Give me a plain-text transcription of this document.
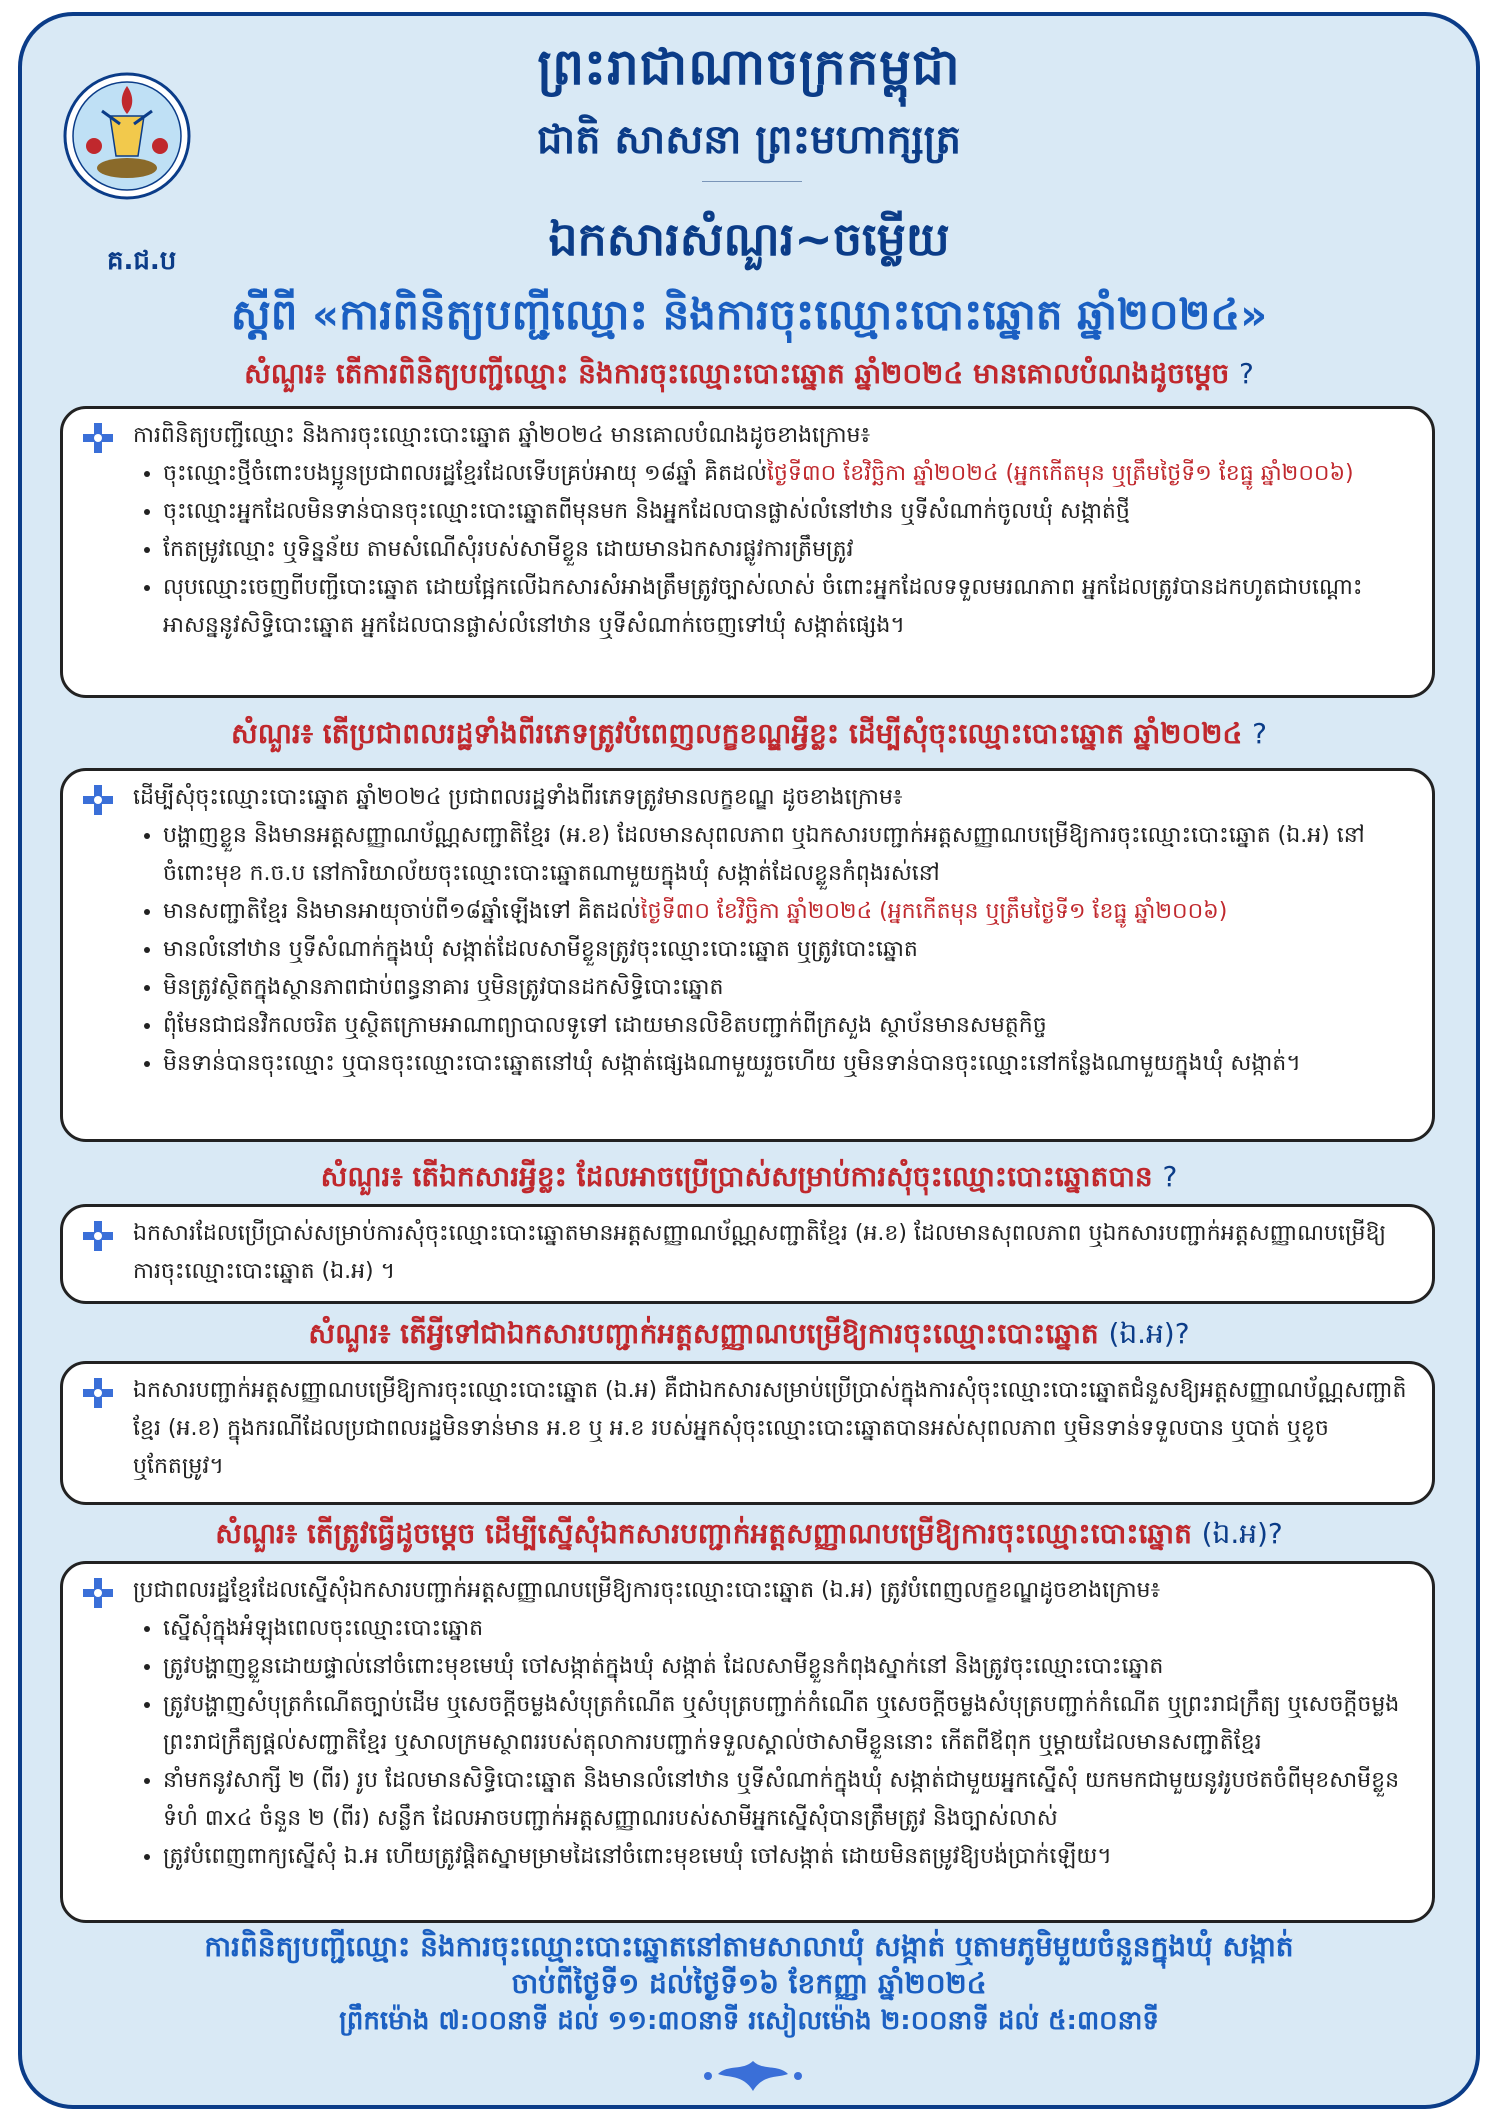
គ.ជ.ប
ព្រះរាជាណាចក្រកម្ពុជា
ជាតិ សាសនា ព្រះមហាក្សត្រ
ឯកសារសំណួរ~ចម្លើយ
ស្តីពី «ការពិនិត្យបញ្ជីឈ្មោះ និងការចុះឈ្មោះបោះឆ្នោត ឆ្នាំ២០២៤»
សំណួរ៖ តើការពិនិត្យបញ្ជីឈ្មោះ និងការចុះឈ្មោះបោះឆ្នោត ឆ្នាំ២០២៤ មានគោលបំណងដូចម្តេច ?
ការពិនិត្យបញ្ជីឈ្មោះ និងការចុះឈ្មោះបោះឆ្នោត ឆ្នាំ២០២៤ មានគោលបំណងដូចខាងក្រោម៖
• ចុះឈ្មោះថ្មីចំពោះបងប្អូនប្រជាពលរដ្ឋខ្មែរដែលទើបគ្រប់អាយុ ១៨ឆ្នាំ គិតដល់ថ្ងៃទី៣០ ខែវិច្ឆិកា ឆ្នាំ២០២៤ (អ្នកកើតមុន ឬត្រឹមថ្ងៃទី១ ខែធ្នូ ឆ្នាំ២០០៦)
• ចុះឈ្មោះអ្នកដែលមិនទាន់បានចុះឈ្មោះបោះឆ្នោតពីមុនមក និងអ្នកដែលបានផ្លាស់លំនៅឋាន ឬទីសំណាក់ចូលឃុំ សង្កាត់ថ្មី
• កែតម្រូវឈ្មោះ ឬទិន្នន័យ តាមសំណើសុំរបស់សាមីខ្លួន ដោយមានឯកសារផ្លូវការត្រឹមត្រូវ
• លុបឈ្មោះចេញពីបញ្ជីបោះឆ្នោត ដោយផ្អែកលើឯកសារសំអាងត្រឹមត្រូវច្បាស់លាស់ ចំពោះអ្នកដែលទទួលមរណភាព អ្នកដែលត្រូវបានដកហូតជាបណ្តោះអាសន្ននូវសិទ្ធិបោះឆ្នោត អ្នកដែលបានផ្លាស់លំនៅឋាន ឬទីសំណាក់ចេញទៅឃុំ សង្កាត់ផ្សេង។
សំណួរ៖ តើប្រជាពលរដ្ឋទាំងពីរភេទត្រូវបំពេញលក្ខខណ្ឌអ្វីខ្លះ ដើម្បីសុំចុះឈ្មោះបោះឆ្នោត ឆ្នាំ២០២៤ ?
ដើម្បីសុំចុះឈ្មោះបោះឆ្នោត ឆ្នាំ២០២៤ ប្រជាពលរដ្ឋទាំងពីរភេទត្រូវមានលក្ខខណ្ឌ ដូចខាងក្រោម៖
• បង្ហាញខ្លួន និងមានអត្តសញ្ញាណប័ណ្ណសញ្ជាតិខ្មែរ (អ.ខ) ដែលមានសុពលភាព ឬឯកសារបញ្ជាក់អត្តសញ្ញាណបម្រើឱ្យការចុះឈ្មោះបោះឆ្នោត (ឯ.អ) នៅចំពោះមុខ ក.ច.ប នៅការិយាល័យចុះឈ្មោះបោះឆ្នោតណាមួយក្នុងឃុំ សង្កាត់ដែលខ្លួនកំពុងរស់នៅ
• មានសញ្ជាតិខ្មែរ និងមានអាយុចាប់ពី១៨ឆ្នាំឡើងទៅ គិតដល់ថ្ងៃទី៣០ ខែវិច្ឆិកា ឆ្នាំ២០២៤ (អ្នកកើតមុន ឬត្រឹមថ្ងៃទី១ ខែធ្នូ ឆ្នាំ២០០៦)
• មានលំនៅឋាន ឬទីសំណាក់ក្នុងឃុំ សង្កាត់ដែលសាមីខ្លួនត្រូវចុះឈ្មោះបោះឆ្នោត ឬត្រូវបោះឆ្នោត
• មិនត្រូវស្ថិតក្នុងស្ថានភាពជាប់ពន្ធនាគារ ឬមិនត្រូវបានដកសិទ្ធិបោះឆ្នោត
• ពុំមែនជាជនវិកលចរិត ឬស្ថិតក្រោមអាណាព្យាបាលទូទៅ ដោយមានលិខិតបញ្ជាក់ពីក្រសួង ស្ថាប័នមានសមត្ថកិច្ច
• មិនទាន់បានចុះឈ្មោះ ឬបានចុះឈ្មោះបោះឆ្នោតនៅឃុំ សង្កាត់ផ្សេងណាមួយរួចហើយ ឬមិនទាន់បានចុះឈ្មោះនៅកន្លែងណាមួយក្នុងឃុំ សង្កាត់។
សំណួរ៖ តើឯកសារអ្វីខ្លះ ដែលអាចប្រើប្រាស់សម្រាប់ការសុំចុះឈ្មោះបោះឆ្នោតបាន ?
ឯកសារដែលប្រើប្រាស់សម្រាប់ការសុំចុះឈ្មោះបោះឆ្នោតមានអត្តសញ្ញាណប័ណ្ណសញ្ជាតិខ្មែរ (អ.ខ) ដែលមានសុពលភាព ឬឯកសារបញ្ជាក់អត្តសញ្ញាណបម្រើឱ្យការចុះឈ្មោះបោះឆ្នោត (ឯ.អ) ។
សំណួរ៖ តើអ្វីទៅជាឯកសារបញ្ជាក់អត្តសញ្ញាណបម្រើឱ្យការចុះឈ្មោះបោះឆ្នោត (ឯ.អ)?
ឯកសារបញ្ជាក់អត្តសញ្ញាណបម្រើឱ្យការចុះឈ្មោះបោះឆ្នោត (ឯ.អ) គឺជាឯកសារសម្រាប់ប្រើប្រាស់ក្នុងការសុំចុះឈ្មោះបោះឆ្នោតជំនួសឱ្យអត្តសញ្ញាណប័ណ្ណសញ្ជាតិខ្មែរ (អ.ខ) ក្នុងករណីដែលប្រជាពលរដ្ឋមិនទាន់មាន អ.ខ ឬ អ.ខ របស់អ្នកសុំចុះឈ្មោះបោះឆ្នោតបានអស់សុពលភាព ឬមិនទាន់ទទួលបាន ឬបាត់ ឬខូច ឬកែតម្រូវ។
សំណួរ៖ តើត្រូវធ្វើដូចម្តេច ដើម្បីស្នើសុំឯកសារបញ្ជាក់អត្តសញ្ញាណបម្រើឱ្យការចុះឈ្មោះបោះឆ្នោត (ឯ.អ)?
ប្រជាពលរដ្ឋខ្មែរដែលស្នើសុំឯកសារបញ្ជាក់អត្តសញ្ញាណបម្រើឱ្យការចុះឈ្មោះបោះឆ្នោត (ឯ.អ) ត្រូវបំពេញលក្ខខណ្ឌដូចខាងក្រោម៖
• ស្នើសុំក្នុងអំឡុងពេលចុះឈ្មោះបោះឆ្នោត
• ត្រូវបង្ហាញខ្លួនដោយផ្ទាល់នៅចំពោះមុខមេឃុំ ចៅសង្កាត់ក្នុងឃុំ សង្កាត់ ដែលសាមីខ្លួនកំពុងស្នាក់នៅ និងត្រូវចុះឈ្មោះបោះឆ្នោត
• ត្រូវបង្ហាញសំបុត្រកំណើតច្បាប់ដើម ឬសេចក្តីចម្លងសំបុត្រកំណើត ឬសំបុត្របញ្ជាក់កំណើត ឬសេចក្តីចម្លងសំបុត្របញ្ជាក់កំណើត ឬព្រះរាជក្រឹត្យ ឬសេចក្តីចម្លងព្រះរាជក្រឹត្យផ្តល់សញ្ជាតិខ្មែរ ឬសាលក្រមស្ថាពររបស់តុលាការបញ្ជាក់ទទួលស្គាល់ថាសាមីខ្លួននោះ កើតពីឪពុក ឬម្តាយដែលមានសញ្ជាតិខ្មែរ
• នាំមកនូវសាក្សី ២ (ពីរ) រូប ដែលមានសិទ្ធិបោះឆ្នោត និងមានលំនៅឋាន ឬទីសំណាក់ក្នុងឃុំ សង្កាត់ជាមួយអ្នកស្នើសុំ យកមកជាមួយនូវរូបថតចំពីមុខសាមីខ្លួនទំហំ ៣x៤ ចំនួន ២ (ពីរ) សន្លឹក ដែលអាចបញ្ជាក់អត្តសញ្ញាណរបស់សាមីអ្នកស្នើសុំបានត្រឹមត្រូវ និងច្បាស់លាស់
• ត្រូវបំពេញពាក្យស្នើសុំ ឯ.អ ហើយត្រូវផ្តិតស្នាមម្រាមដៃនៅចំពោះមុខមេឃុំ ចៅសង្កាត់ ដោយមិនតម្រូវឱ្យបង់ប្រាក់ឡើយ។
ការពិនិត្យបញ្ជីឈ្មោះ និងការចុះឈ្មោះបោះឆ្នោតនៅតាមសាលាឃុំ សង្កាត់ ឬតាមភូមិមួយចំនួនក្នុងឃុំ សង្កាត់
ចាប់ពីថ្ងៃទី១ ដល់ថ្ងៃទី១៦ ខែកញ្ញា ឆ្នាំ២០២៤
ព្រឹកម៉ោង ៧:០០នាទី ដល់ ១១:៣០នាទី រសៀលម៉ោង ២:០០នាទី ដល់ ៥:៣០នាទី
